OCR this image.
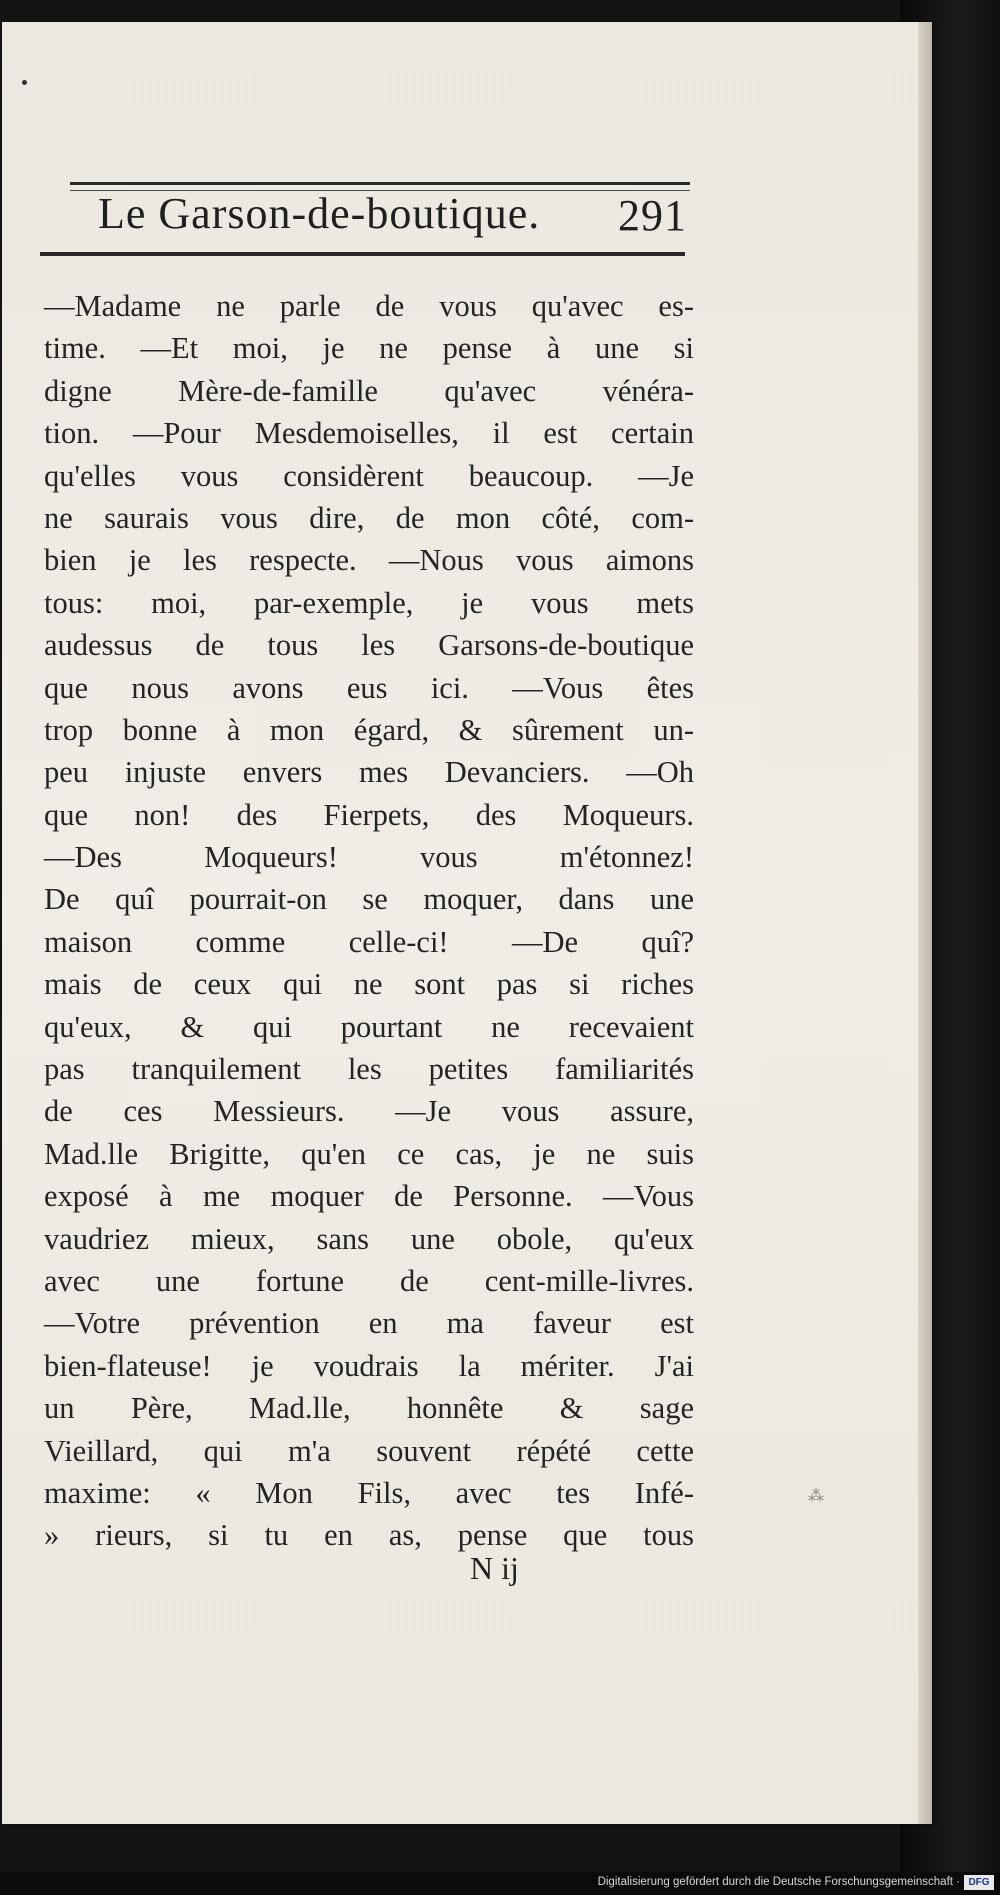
Le Garson-de-boutique. 291
—Madame ne parle de vous qu'avec es-
time. —Et moi, je ne pense à une si
digne Mère-de-famille qu'avec vénéra-
tion. —Pour Mesdemoiselles, il est certain
qu'elles vous considèrent beaucoup. —Je
ne saurais vous dire, de mon côté, com-
bien je les respecte. —Nous vous aimons
tous: moi, par-exemple, je vous mets
audessus de tous les Garsons-de-boutique
que nous avons eus ici. —Vous êtes
trop bonne à mon égard, & sûrement un-
peu injuste envers mes Devanciers. —Oh
que non! des Fierpets, des Moqueurs.
—Des Moqueurs! vous m'étonnez!
De quî pourrait-on se moquer, dans une
maison comme celle-ci! —De quî?
mais de ceux qui ne sont pas si riches
qu'eux, & qui pourtant ne recevaient
pas tranquilement les petites familiarités
de ces Messieurs. —Je vous assure,
Mad.lle Brigitte, qu'en ce cas, je ne suis
exposé à me moquer de Personne. —Vous
vaudriez mieux, sans une obole, qu'eux
avec une fortune de cent-mille-livres.
—Votre prévention en ma faveur est
bien-flateuse! je voudrais la mériter. J'ai
un Père, Mad.lle, honnête & sage
Vieillard, qui m'a souvent répété cette
maxime: « Mon Fils, avec tes Infé-
» rieurs, si tu en as, pense que tous
N ij
⁂
Digitalisierung gefördert durch die Deutsche Forschungsgemeinschaft · DFG
